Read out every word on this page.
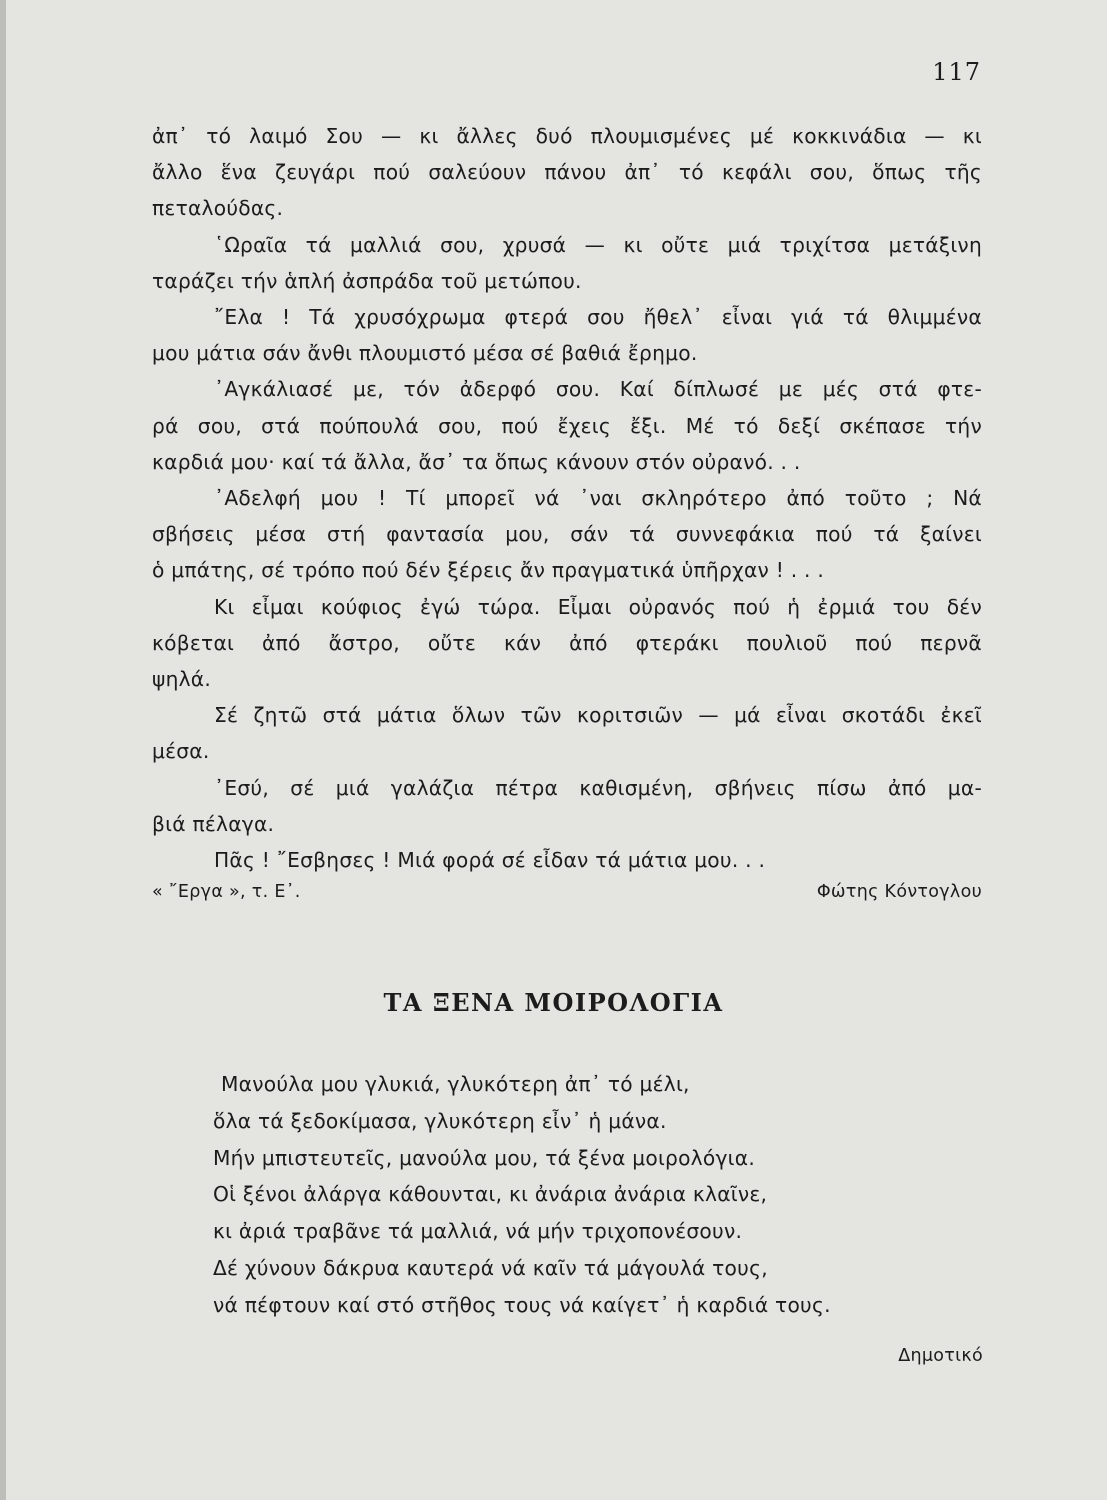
117

ἀπ᾽ τό λαιμό Σου — κι ἄλλες δυό πλουμισμένες μέ κοκκινάδια — κι
ἄλλο ἕνα ζευγάρι πού σαλεύουν πάνου ἀπ᾽ τό κεφάλι σου, ὅπως τῆς
πεταλούδας.

῾Ωραῖα τά μαλλιά σου, χρυσά — κι οὔτε μιά τριχίτσα μετάξινη
ταράζει τήν ἁπλή ἀσπράδα τοῦ μετώπου.

῎Ελα ! Τά χρυσόχρωμα φτερά σου ἤθελ᾽ εἶναι γιά τά θλιμμένα
μου μάτια σάν ἄνθι πλουμιστό μέσα σέ βαθιά ἔρημο.

᾽Αγκάλιασέ με, τόν ἀδερφό σου. Καί δίπλωσέ με μές στά φτε-
ρά σου, στά πούπουλά σου, πού ἔχεις ἔξι. Μέ τό δεξί σκέπασε τήν
καρδιά μου· καί τά ἄλλα, ἄσ᾽ τα ὅπως κάνουν στόν οὐρανό. . .

᾽Αδελφή μου ! Τί μπορεῖ νά ᾽ναι σκληρότερο ἀπό τοῦτο ; Νά
σβήσεις μέσα στή φαντασία μου, σάν τά συννεφάκια πού τά ξαίνει
ὁ μπάτης, σέ τρόπο πού δέν ξέρεις ἄν πραγματικά ὑπῆρχαν ! . . .

Κι εἶμαι κούφιος ἐγώ τώρα. Εἶμαι οὐρανός πού ἡ ἐρμιά του δέν
κόβεται ἀπό ἄστρο, οὔτε κάν ἀπό φτεράκι πουλιοῦ πού περνᾶ
ψηλά.

Σέ ζητῶ στά μάτια ὅλων τῶν κοριτσιῶν — μά εἶναι σκοτάδι ἐκεῖ
μέσα.

᾽Εσύ, σέ μιά γαλάζια πέτρα καθισμένη, σβήνεις πίσω ἀπό μα-
βιά πέλαγα.

Πᾶς ! ῎Εσβησες ! Μιά φορά σέ εἶδαν τά μάτια μου. . .

« ῎Εργα », τ. Ε᾽.	Φώτης Κόντογλου
ΤΑ ΞΕΝΑ ΜΟΙΡΟΛΟΓΙΑ
Μανούλα μου γλυκιά, γλυκότερη ἀπ᾽ τό μέλι,
ὅλα τά ξεδοκίμασα, γλυκότερη εἶν᾽ ἡ μάνα.
Μήν μπιστευτεῖς, μανούλα μου, τά ξένα μοιρολόγια.
Οἱ ξένοι ἀλάργα κάθουνται, κι ἀνάρια ἀνάρια κλαῖνε,
κι ἀριά τραβᾶνε τά μαλλιά, νά μήν τριχοπονέσουν.
Δέ χύνουν δάκρυα καυτερά νά καῖν τά μάγουλά τους,
νά πέφτουν καί στό στῆθος τους νά καίγετ᾽ ἡ καρδιά τους.
Δημοτικό
